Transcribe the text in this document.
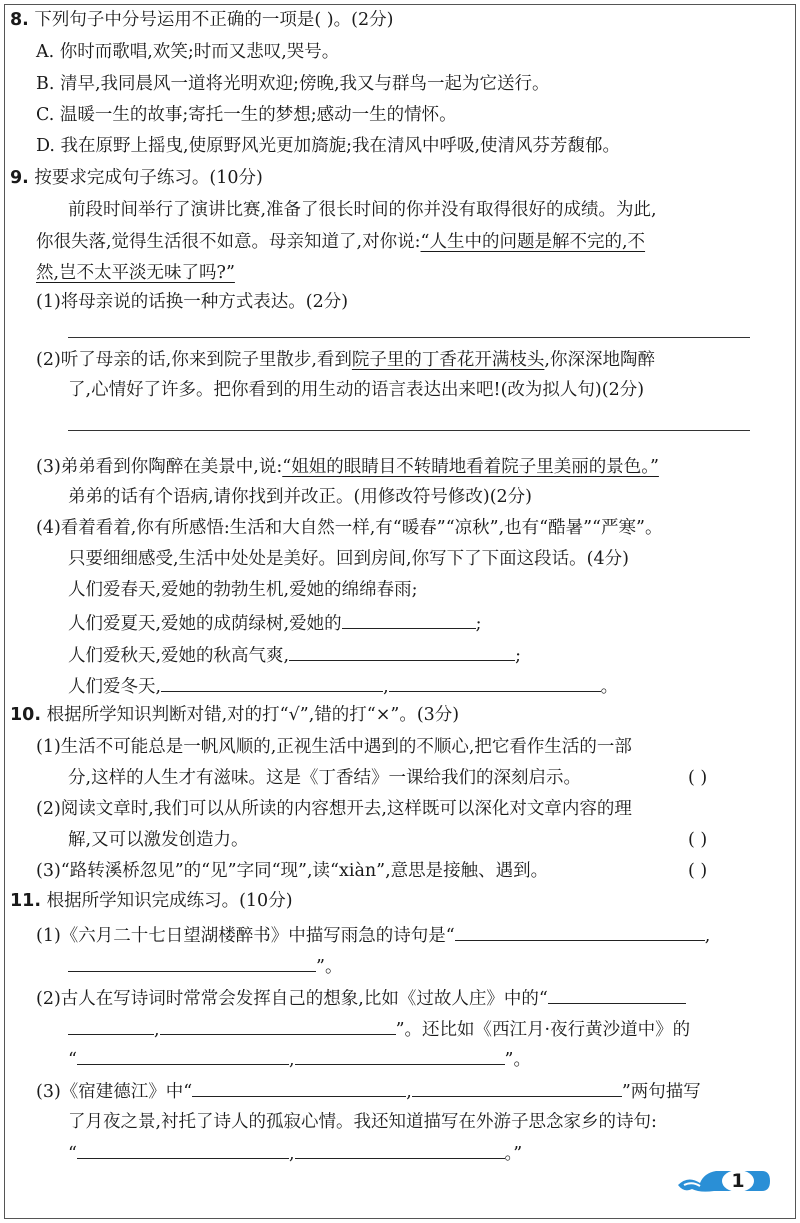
8. 下列句子中分号运用不正确的一项是( )。(2分)
A. 你时而歌唱,欢笑;时而又悲叹,哭号。
B. 清早,我同晨风一道将光明欢迎;傍晚,我又与群鸟一起为它送行。
C. 温暖一生的故事;寄托一生的梦想;感动一生的情怀。
D. 我在原野上摇曳,使原野风光更加旖旎;我在清风中呼吸,使清风芬芳馥郁。
9. 按要求完成句子练习。(10分)
前段时间举行了演讲比赛,准备了很长时间的你并没有取得很好的成绩。为此,
你很失落,觉得生活很不如意。母亲知道了,对你说:“人生中的问题是解不完的,不
然,岂不太平淡无味了吗?”
(1)将母亲说的话换一种方式表达。(2分)
(2)听了母亲的话,你来到院子里散步,看到院子里的丁香花开满枝头,你深深地陶醉
了,心情好了许多。把你看到的用生动的语言表达出来吧!(改为拟人句)(2分)
(3)弟弟看到你陶醉在美景中,说:“姐姐的眼睛目不转睛地看着院子里美丽的景色。”
弟弟的话有个语病,请你找到并改正。(用修改符号修改)(2分)
(4)看着看着,你有所感悟:生活和大自然一样,有“暖春”“凉秋”,也有“酷暑”“严寒”。
只要细细感受,生活中处处是美好。回到房间,你写下了下面这段话。(4分)
人们爱春天,爱她的勃勃生机,爱她的绵绵春雨;
人们爱夏天,爱她的成荫绿树,爱她的	;
人们爱秋天,爱她的秋高气爽,	;
人们爱冬天,	,	。
10. 根据所学知识判断对错,对的打“√”,错的打“×”。(3分)
(1)生活不可能总是一帆风顺的,正视生活中遇到的不顺心,把它看作生活的一部
分,这样的人生才有滋味。这是《丁香结》一课给我们的深刻启示。	( )
(2)阅读文章时,我们可以从所读的内容想开去,这样既可以深化对文章内容的理
解,又可以激发创造力。	( )
(3)“路转溪桥忽见”的“见”字同“现”,读“xiàn”,意思是接触、遇到。	( )
11. 根据所学知识完成练习。(10分)
(1)《六月二十七日望湖楼醉书》中描写雨急的诗句是“	,
”。
(2)古人在写诗词时常常会发挥自己的想象,比如《过故人庄》中的“
,	”。还比如《西江月·夜行黄沙道中》的
“	,	”。
(3)《宿建德江》中“	,	”两句描写
了月夜之景,衬托了诗人的孤寂心情。我还知道描写在外游子思念家乡的诗句:
“	,	。”
1
